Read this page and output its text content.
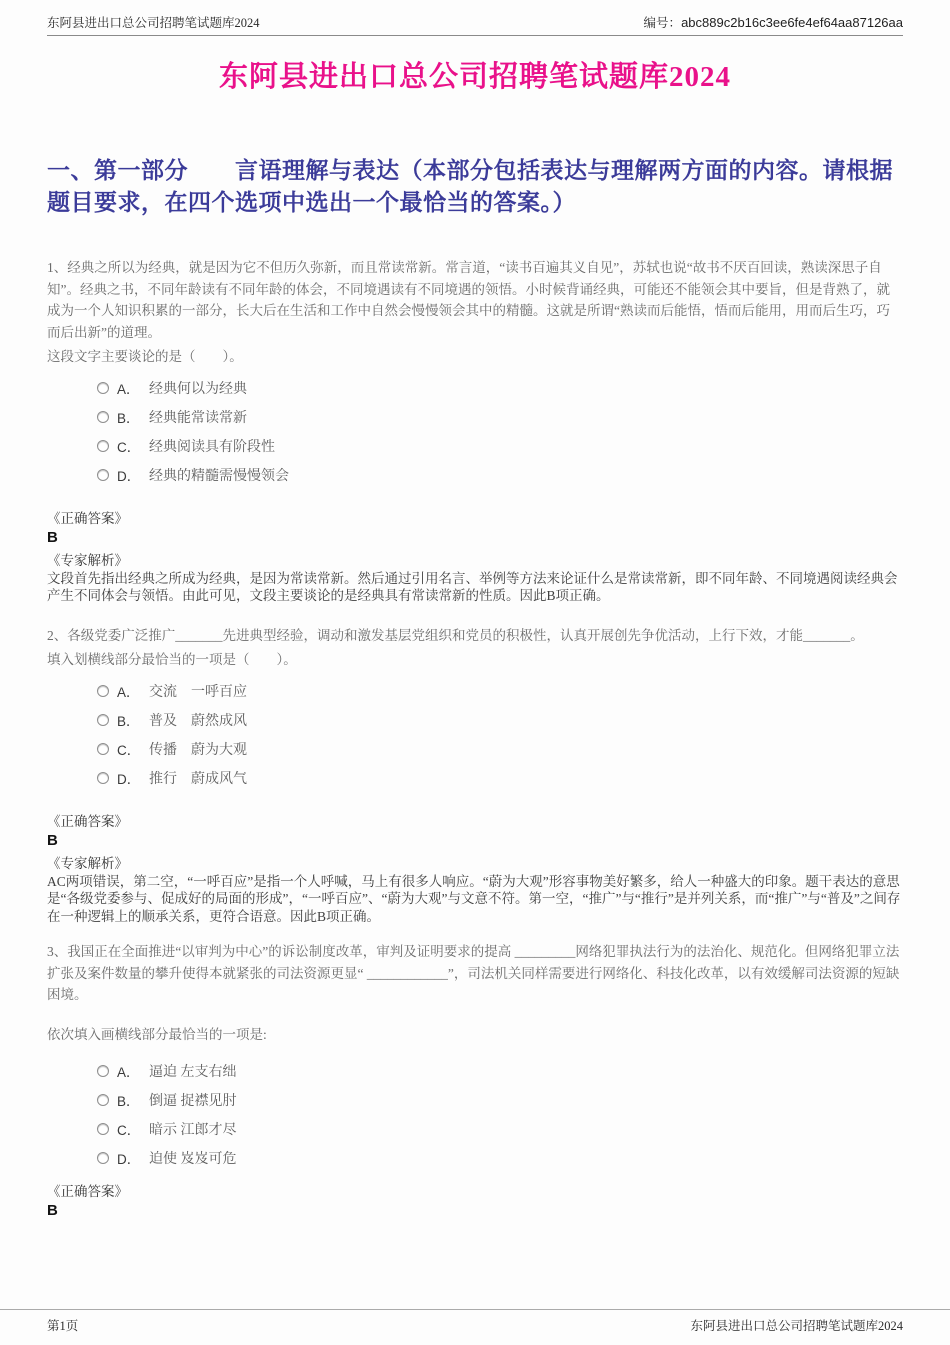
东阿县进出口总公司招聘笔试题库2024	编号：abc889c2b16c3ee6fe4ef64aa87126aa
东阿县进出口总公司招聘笔试题库2024
一、第一部分　　言语理解与表达（本部分包括表达与理解两方面的内容。请根据题目要求，在四个选项中选出一个最恰当的答案。）

1、经典之所以为经典，就是因为它不但历久弥新，而且常读常新。常言道，“读书百遍其义自见”，苏轼也说“故书不厌百回读，熟读深思子自知”。经典之书，不同年龄读有不同年龄的体会，不同境遇读有不同境遇的领悟。小时候背诵经典，可能还不能领会其中要旨，但是背熟了，就成为一个人知识积累的一部分，长大后在生活和工作中自然会慢慢领会其中的精髓。这就是所谓“熟读而后能悟，悟而后能用，用而后生巧，巧而后出新”的道理。

这段文字主要谈论的是（　　）。

A． 经典何以为经典
B． 经典能常读常新
C． 经典阅读具有阶段性
D． 经典的精髓需慢慢领会

《正确答案》

B

《专家解析》

文段首先指出经典之所成为经典，是因为常读常新。然后通过引用名言、举例等方法来论证什么是常读常新，即不同年龄、不同境遇阅读经典会产生不同体会与领悟。由此可见，文段主要谈论的是经典具有常读常新的性质。因此B项正确。

2、各级党委广泛推广_______先进典型经验，调动和激发基层党组织和党员的积极性，认真开展创先争优活动，上行下效，才能_______。

填入划横线部分最恰当的一项是（　　）。

A． 交流　一呼百应
B． 普及　蔚然成风
C． 传播　蔚为大观
D． 推行　蔚成风气

《正确答案》

B

《专家解析》

AC两项错误，第二空，“一呼百应”是指一个人呼喊，马上有很多人响应。“蔚为大观”形容事物美好繁多，给人一种盛大的印象。题干表达的意思是“各级党委参与、促成好的局面的形成”，“一呼百应”、“蔚为大观”与文意不符。第一空，“推广”与“推行”是并列关系，而“推广”与“普及”之间存在一种逻辑上的顺承关系，更符合语意。因此B项正确。

3、我国正在全面推进“以审判为中心”的诉讼制度改革，审判及证明要求的提高 _________网络犯罪执法行为的法治化、规范化。但网络犯罪立法扩张及案件数量的攀升使得本就紧张的司法资源更显“ ____________”，司法机关同样需要进行网络化、科技化改革，以有效缓解司法资源的短缺困境。

依次填入画横线部分最恰当的一项是:

A． 逼迫 左支右绌
B． 倒逼 捉襟见肘
C． 暗示 江郎才尽
D． 迫使 岌岌可危

《正确答案》

B

第1页	东阿县进出口总公司招聘笔试题库2024
